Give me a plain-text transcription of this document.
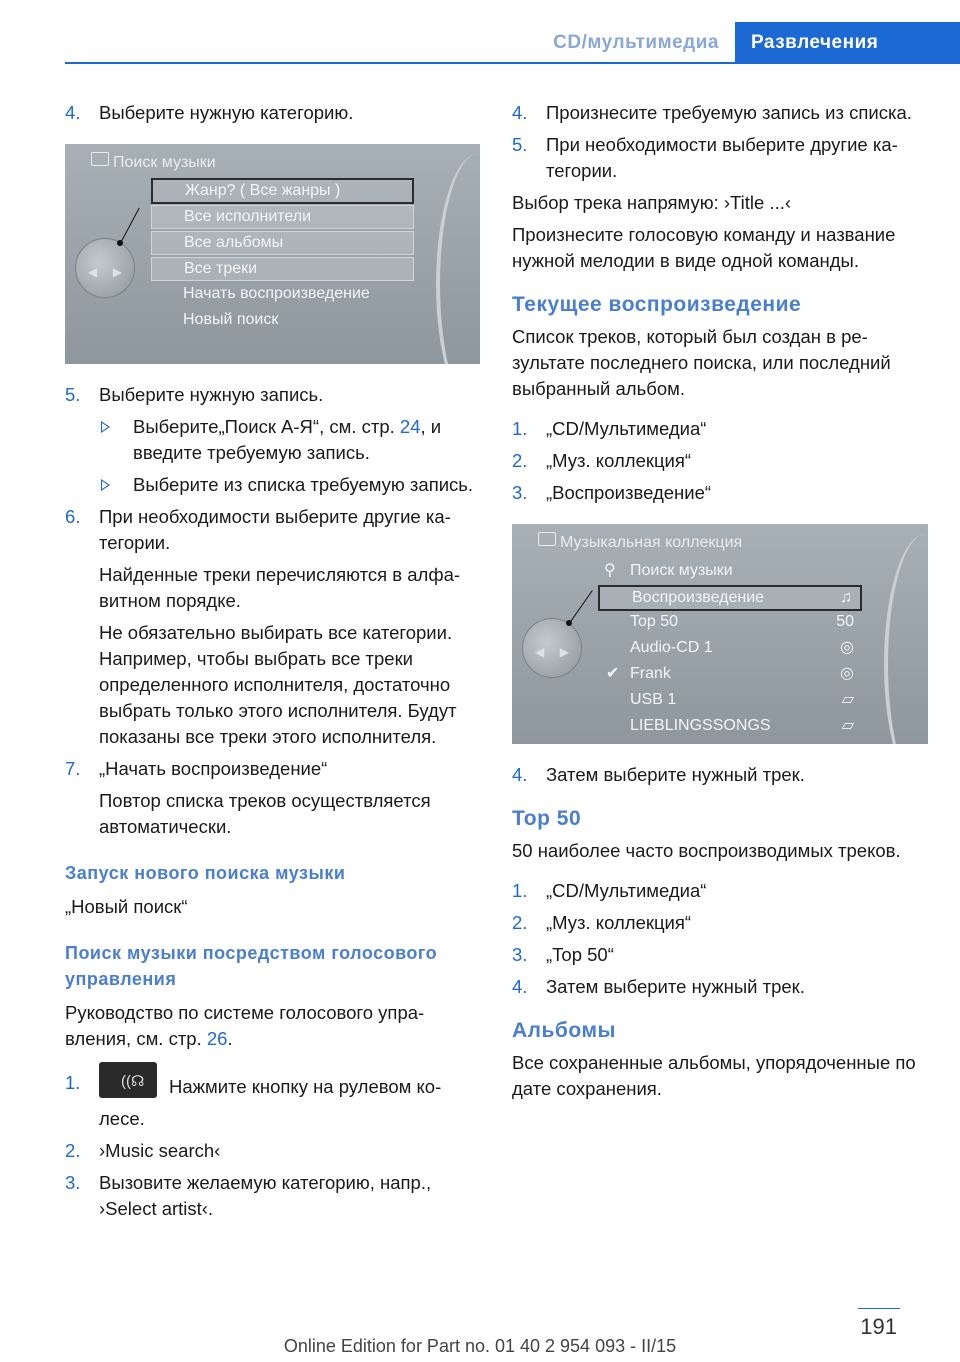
CD/мультимедиа	Развлечения
4. Выберите нужную категорию.
Поиск музыки
◀ ▶
Жанр? ( Все жанры )
Все исполнители
Все альбомы
Все треки
Начать воспроизведение
Новый поиск
5. Выберите нужную запись.
Выберите„Поиск А-Я“, см. стр. 24, и введите требуемую запись.
Выберите из списка требуемую запись.
6. При необходимости выберите другие категории.
Найденные треки перечисляются в алфавитном порядке.
Не обязательно выбирать все категории. Например, чтобы выбрать все треки определенного исполнителя, достаточно выбрать только этого исполнителя. Будут показаны все треки этого исполнителя.
7. „Начать воспроизведение“
Повтор списка треков осуществляется автоматически.
Запуск нового поиска музыки
„Новый поиск“
Поиск музыки посредством голосового управления
Руководство по системе голосового управления, см. стр. 26.
1.	((☊ Нажмите кнопку на рулевом колесе.
2. ›Music search‹
3. Вызовите желаемую категорию, напр., ›Select artist‹.
4. Произнесите требуемую запись из списка.
5. При необходимости выберите другие категории.
Выбор трека напрямую: ›Title ...‹
Произнесите голосовую команду и название нужной мелодии в виде одной команды.
Текущее воспроизведение
Список треков, который был создан в результате последнего поиска, или последний выбранный альбом.
1. „CD/Мультимедиа“
2. „Муз. коллекция“
3. „Воспроизведение“
Музыкальная коллекция
◀ ▶
⚲ Поиск музыки
Воспроизведение	♫
Top 50	50
Audio-CD 1	◎
✔ Frank	◎
USB 1	▱
LIEBLINGSSONGS	▱
4. Затем выберите нужный трек.
Top 50
50 наиболее часто воспроизводимых треков.
1. „CD/Мультимедиа“
2. „Муз. коллекция“
3. „Top 50“
4. Затем выберите нужный трек.
Альбомы
Все сохраненные альбомы, упорядоченные по дате сохранения.
191
Online Edition for Part no. 01 40 2 954 093 - II/15
